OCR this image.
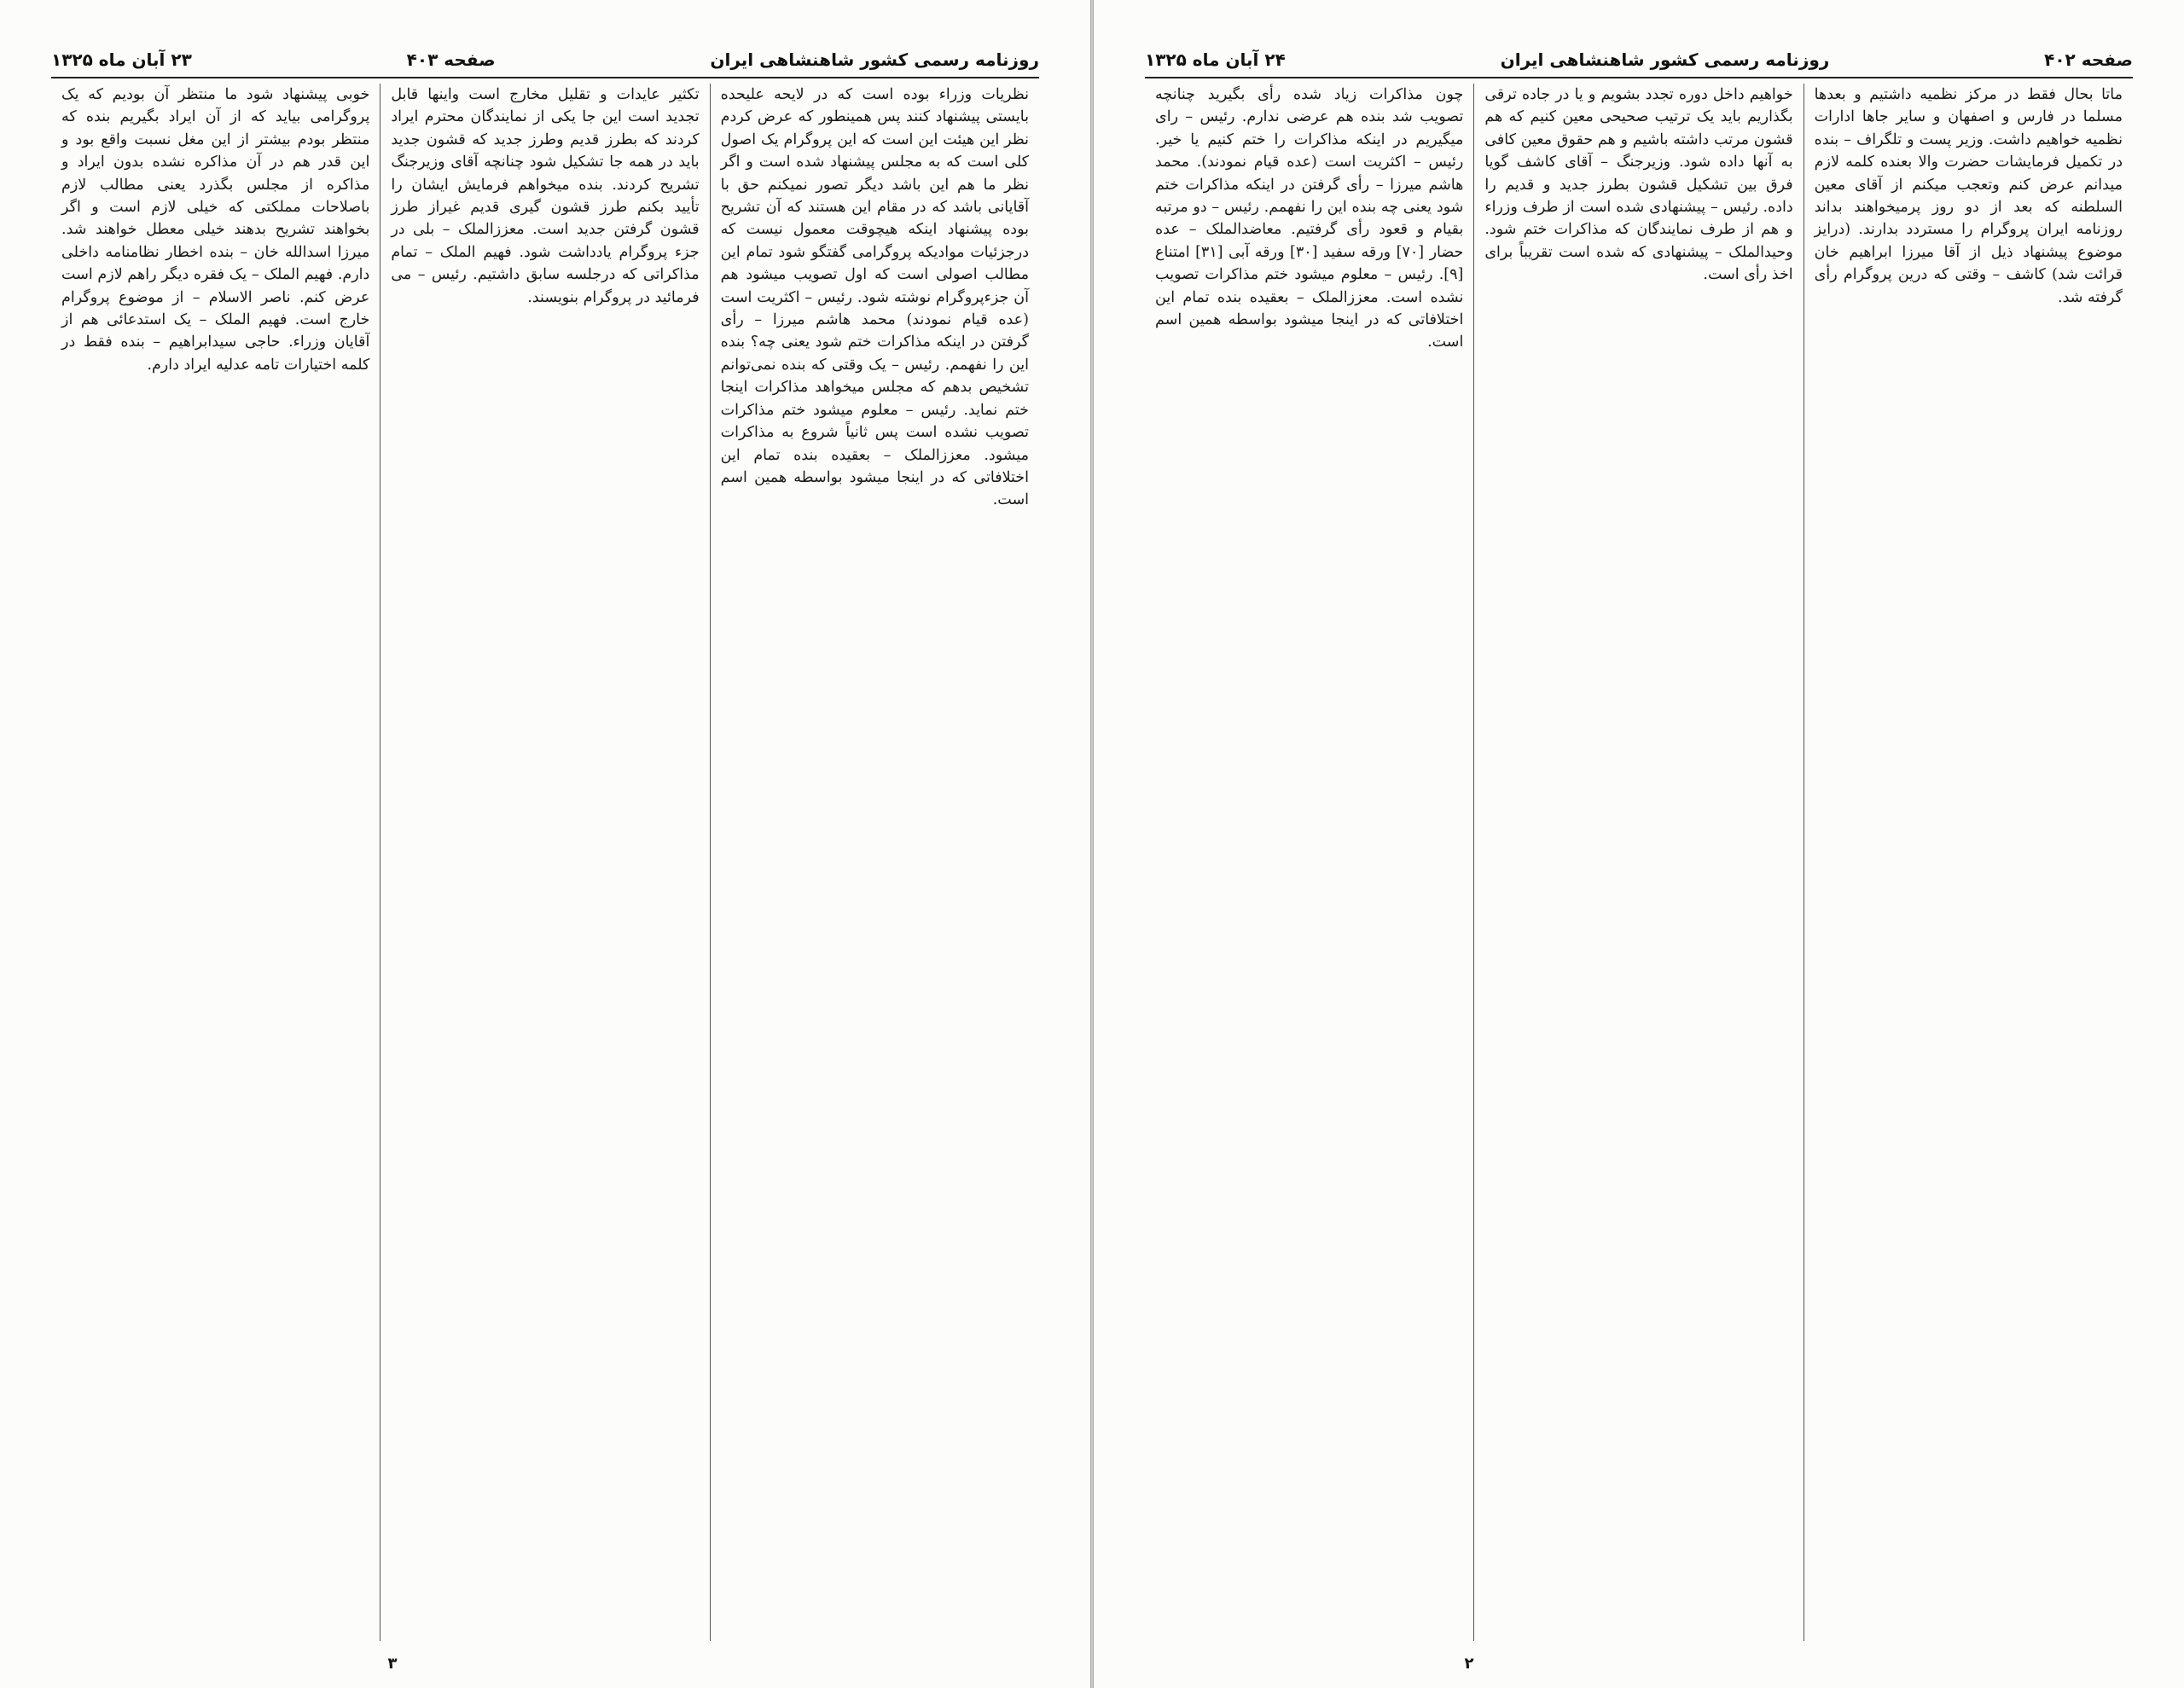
روزنامه رسمی کشور شاهنشاهی ایران
صفحه ۴۰۳
۲۳ آبان ماه ۱۳۲۵

نظریات وزراء بوده است که در لایحه علیحده بایستی پیشنهاد کنند پس همینطور که عرض کردم نظر این هیئت این است که این پروگرام یک اصول کلی است که به مجلس پیشنهاد شده است و اگر نظر ما هم این باشد دیگر تصور نمیکنم حق با آقایانی باشد که در مقام این هستند که آن تشریح بوده پیشنهاد اینکه هیچوقت معمول نیست که درجزئیات موادیکه پروگرامی گفتگو شود تمام این مطالب اصولی است که اول تصویب میشود هم آن جزءپروگرام نوشته شود. رئیس – اکثریت است (عده قیام نمودند) محمد هاشم میرزا – رأی گرفتن در اینکه مذاکرات ختم شود یعنی چه؟ بنده این را نفهمم. رئیس – یک وقتی که بنده نمی‌توانم تشخیص بدهم که مجلس میخواهد مذاکرات اینجا ختم نماید. رئیس – معلوم میشود ختم مذاکرات تصویب نشده است پس ثانیاً شروع به مذاکرات میشود. معززالملک – بعقیده بنده تمام این اختلافاتی که در اینجا میشود بواسطه همین اسم است.

تکثیر عایدات و تقلیل مخارج است واینها قابل تجدید است این جا یکی از نمایندگان محترم ایراد کردند که بطرز قدیم وطرز جدید که قشون جدید باید در همه جا تشکیل شود چنانچه آقای وزیرجنگ تشریح کردند. بنده میخواهم فرمایش ایشان را تأیید بکنم طرز قشون گیری قدیم غیراز طرز قشون گرفتن جدید است. معززالملک – بلی در جزء پروگرام یادداشت شود. فهیم الملک – تمام مذاکراتی که درجلسه سابق داشتیم. رئیس – می فرمائید در پروگرام بنویسند.

خوبی پیشنهاد شود ما منتظر آن بودیم که یک پروگرامی بیاید که از آن ایراد بگیریم بنده که منتظر بودم بیشتر از این مغل نسبت واقع بود و این قدر هم در آن مذاکره نشده بدون ایراد و مذاکره از مجلس بگذرد یعنی مطالب لازم باصلاحات مملکتی که خیلی لازم است و اگر بخواهند تشریح بدهند خیلی معطل خواهند شد. میرزا اسدالله خان – بنده اخطار نظامنامه داخلی دارم. فهیم الملک – یک فقره دیگر راهم لازم است عرض کنم. ناصر الاسلام – از موضوع پروگرام خارج است. فهیم الملک – یک استدعائی هم از آقایان وزراء. حاجی سیدابراهیم – بنده فقط در کلمه اختیارات تامه عدلیه ایراد دارم.

۳
صفحه ۴۰۲
روزنامه رسمی کشور شاهنشاهی ایران
۲۴ آبان ماه ۱۳۲۵

ماتا بحال فقط در مرکز نظمیه داشتیم و بعدها مسلما در فارس و اصفهان و سایر جاها ادارات نظمیه خواهیم داشت. وزیر پست و تلگراف – بنده در تکمیل فرمایشات حضرت والا بعنده کلمه لازم میدانم عرض کنم وتعجب میکنم از آقای معین السلطنه که بعد از دو روز پرمیخواهند بداند روزنامه ایران پروگرام را مستردد بدارند. (درایز موضوع پیشنهاد ذیل از آقا میرزا ابراهیم خان قرائت شد) کاشف – وقتی که درین پروگرام رأی گرفته شد.

خواهیم داخل دوره تجدد بشویم و یا در جاده ترقی بگذاریم باید یک ترتیب صحیحی معین کنیم که هم قشون مرتب داشته باشیم و هم حقوق معین کافی به آنها داده شود. وزیرجنگ – آقای کاشف گویا فرق بین تشکیل قشون بطرز جدید و قدیم را داده. رئیس – پیشنهادی شده است از طرف وزراء و هم از طرف نمایندگان که مذاکرات ختم شود. وحیدالملک – پیشنهادی که شده است تقریباً برای اخذ رأی است.

چون مذاکرات زیاد شده رأی بگیرید چنانچه تصویب شد بنده هم عرضی ندارم. رئیس – رای میگیریم در اینکه مذاکرات را ختم کنیم یا خیر. رئیس – اکثریت است (عده قیام نمودند). محمد هاشم میرزا – رأی گرفتن در اینکه مذاکرات ختم شود یعنی چه بنده این را نفهمم. رئیس – دو مرتبه بقیام و قعود رأی گرفتیم. معاضدالملک – عده حضار [۷۰] ورقه سفید [۳۰] ورقه آبی [۳۱] امتناع [۹]. رئیس – معلوم میشود ختم مذاکرات تصویب نشده است. معززالملک – بعقیده بنده تمام این اختلافاتی که در اینجا میشود بواسطه همین اسم است.

۲
